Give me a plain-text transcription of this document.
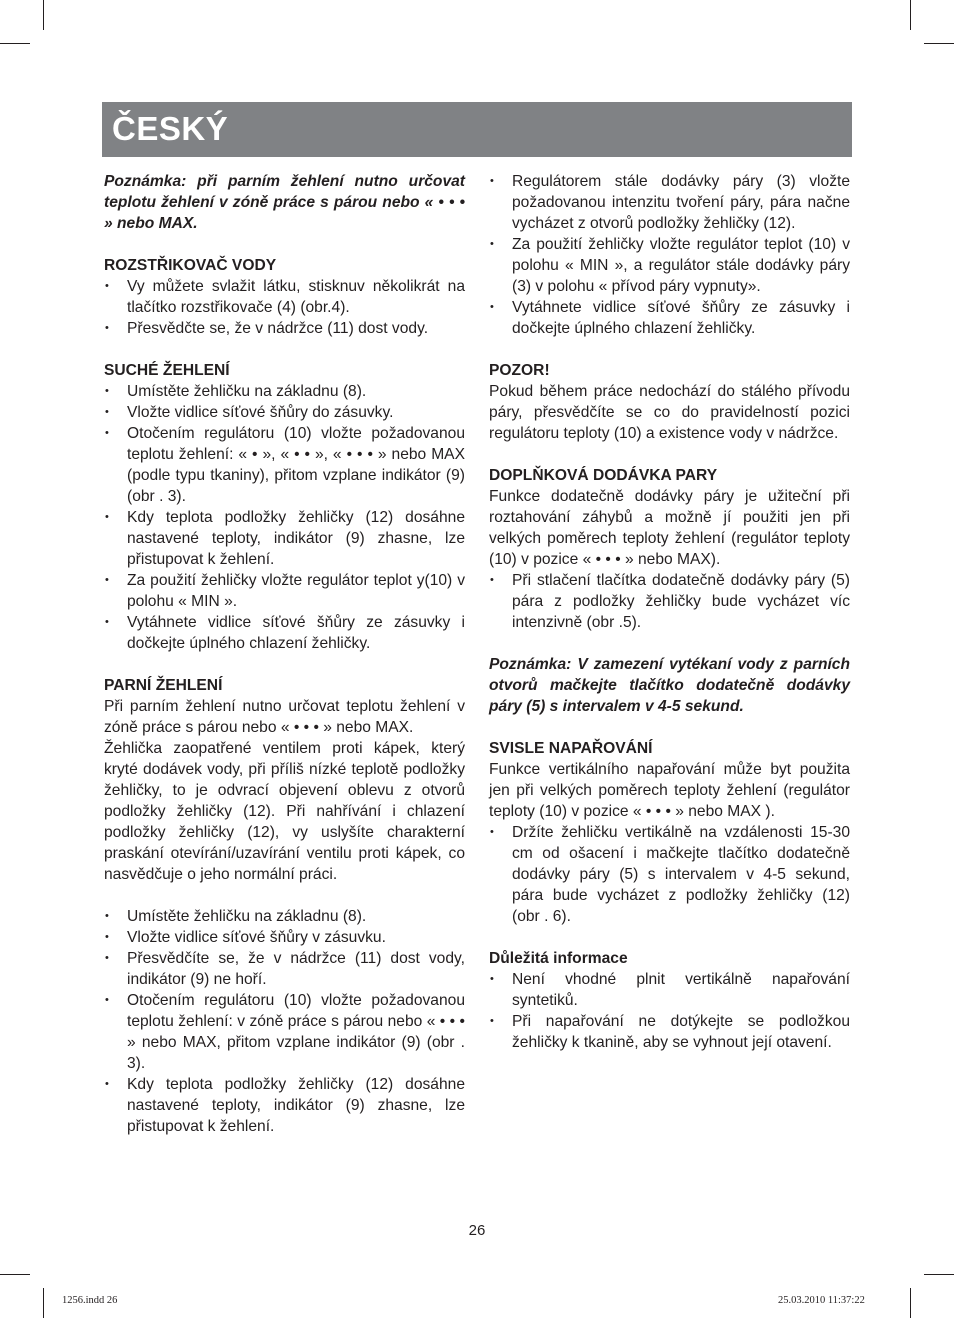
ČESKÝ

Poznámka: při parním žehlení nutno určovat teplotu žehlení v zóně práce s párou nebo « • • • » nebo MAX.

ROZSTŘIKOVAČ VODY
• Vy můžete svlažit látku, stisknuv několikrát na tlačítko rozstřikovače (4) (obr.4).
• Přesvědčte se, že v nádržce (11) dost vody.
SUCHÉ ŽEHLENÍ
• Umístěte žehličku na základnu (8).
• Vložte vidlice síťové šňůry do zásuvky.
• Otočením regulátoru (10) vložte požadovanou teplotu žehlení: « • », « • • », « • • • » nebo MAX (podle typu tkaniny), přitom vzplane indikátor (9) (obr . 3).
• Kdy teplota podložky žehličky (12) dosáhne nastavené teploty, indikátor (9) zhasne, lze přistupovat k žehlení.
• Za použití žehličky vložte regulátor teplot y(10) v polohu « MIN ».
• Vytáhnete vidlice síťové šňůry ze zásuvky i dočkejte úplného chlazení žehličky.
PARNÍ ŽEHLENÍ

Při parním žehlení nutno určovat teplotu žehlení v zóně práce s párou nebo « • • • » nebo MAX.

Žehlička zaopatřené ventilem proti kápek, který kryté dodávek vody, při příliš nízké teplotě podložky žehličky, to je odvrací objevení oblevu z otvorů podložky žehličky (12). Při nahřívání i chlazení podložky žehličky (12), vy uslyšíte charakterní praskání otevírání/uzavírání ventilu proti kápek, co nasvědčuje o jeho normální práci.

• Umístěte žehličku na základnu (8).
• Vložte vidlice síťové šňůry v zásuvku.
• Přesvědčíte se, že v nádržce (11) dost vody, indikátor (9) ne hoří.
• Otočením regulátoru (10) vložte požadovanou teplotu žehlení: v zóně práce s párou nebo « • • • » nebo MAX, přitom vzplane indikátor (9) (obr . 3).
• Kdy teplota podložky žehličky (12) dosáhne nastavené teploty, indikátor (9) zhasne, lze přistupovat k žehlení.
• Regulátorem stále dodávky páry (3) vložte požadovanou intenzitu tvoření páry, pára načne vycházet z otvorů podložky žehličky (12).
• Za použití žehličky vložte regulátor teplot (10) v polohu « MIN », a regulátor stále dodávky páry (3) v polohu « přívod páry vypnuty».
• Vytáhnete vidlice síťové šňůry ze zásuvky i dočkejte úplného chlazení žehličky.
POZOR!

Pokud během práce nedochází do stálého přívodu páry, přesvědčíte se co do pravidelností pozici regulátoru teploty (10) a existence vody v nádržce.

DOPLŇKOVÁ DODÁVKA PARY

Funkce dodatečně dodávky páry je užiteční při roztahování záhybů a možně jí použiti jen při velkých poměrech teploty žehlení (regulátor teploty (10) v pozice « • • • » nebo MAX).

• Při stlačení tlačítka dodatečně dodávky páry (5) pára z podložky žehličky bude vycházet víc intenzivně (obr .5).

Poznámka: V zamezení vytékaní vody z parních otvorů mačkejte tlačítko dodatečně dodávky páry (5) s intervalem v 4-5 sekund.

SVISLE NAPAŘOVÁNÍ

Funkce vertikálního napařování může byt použita jen při velkých poměrech teploty žehlení (regulátor teploty (10) v pozice « • • • » nebo MAX ).

• Držíte žehličku vertikálně na vzdálenosti 15-30 cm od ošacení i mačkejte tlačítko dodatečně dodávky páry (5) s intervalem v 4-5 sekund, pára bude vycházet z podložky žehličky (12) (obr . 6).
Důležitá informace
• Není vhodné plnit vertikálně napařování syntetiků.
• Při napařování ne dotýkejte se podložkou žehličky k tkanině, aby se vyhnout její otavení.
26
1256.indd 26	25.03.2010 11:37:22
